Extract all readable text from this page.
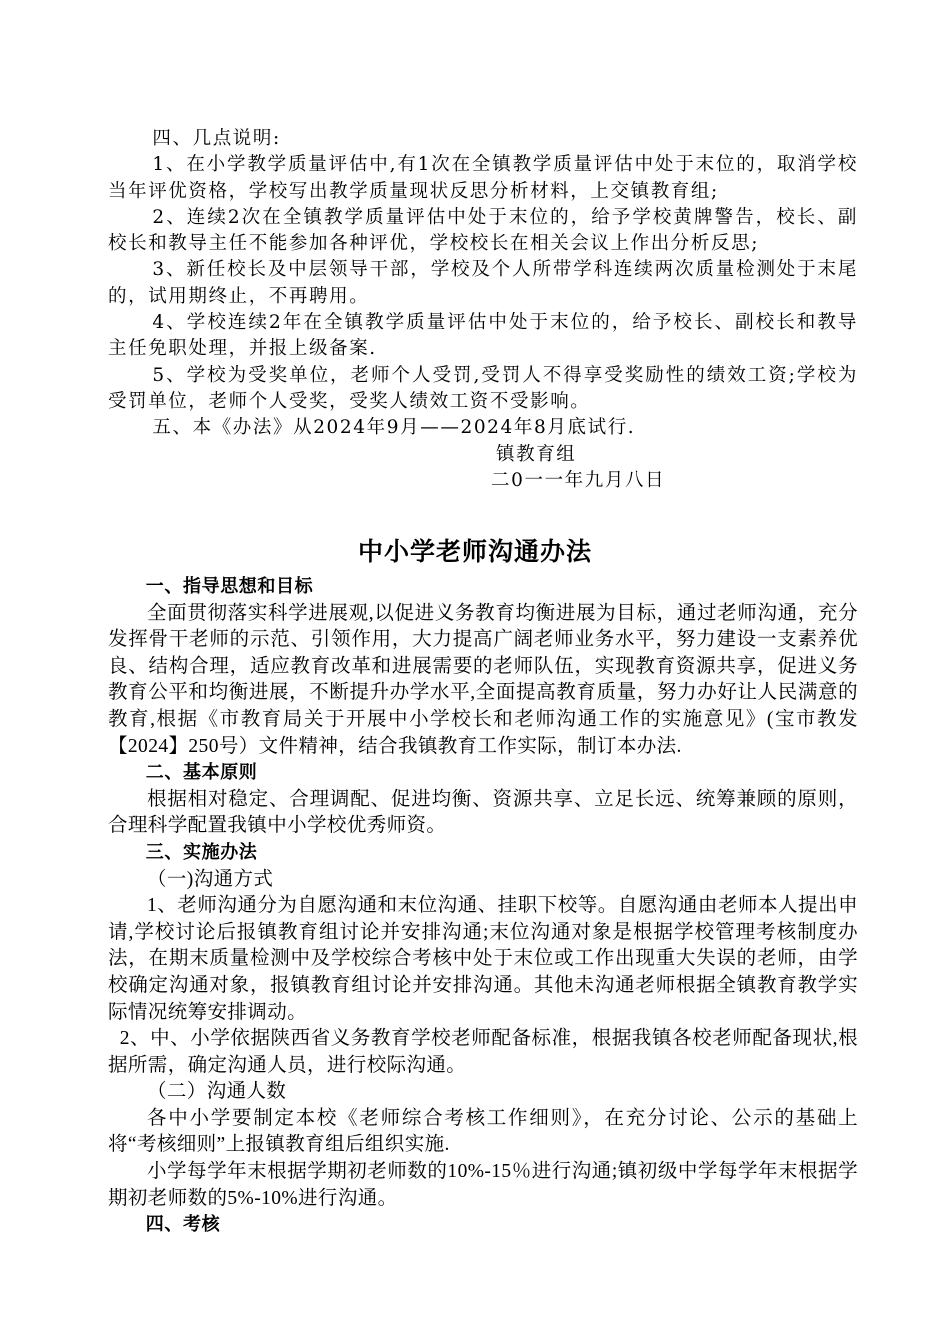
四、几点说明:

1、在小学教学质量评估中,有1次在全镇教学质量评估中处于末位的，取消学校当年评优资格，学校写出教学质量现状反思分析材料，上交镇教育组;

2、连续2次在全镇教学质量评估中处于末位的，给予学校黄牌警告，校长、副校长和教导主任不能参加各种评优，学校校长在相关会议上作出分析反思;

3、新任校长及中层领导干部，学校及个人所带学科连续两次质量检测处于末尾的，试用期终止，不再聘用。

4、学校连续2年在全镇教学质量评估中处于末位的，给予校长、副校长和教导主任免职处理，并报上级备案.

5、学校为受奖单位，老师个人受罚,受罚人不得享受奖励性的绩效工资;学校为受罚单位，老师个人受奖，受奖人绩效工资不受影响。

五、本《办法》从2024年9月——2024年8月底试行.

镇教育组

二0一一年九月八日

中小学老师沟通办法

一、指导思想和目标

全面贯彻落实科学进展观,以促进义务教育均衡进展为目标，通过老师沟通，充分发挥骨干老师的示范、引领作用，大力提高广阔老师业务水平，努力建设一支素养优良、结构合理，适应教育改革和进展需要的老师队伍，实现教育资源共享，促进义务教育公平和均衡进展，不断提升办学水平,全面提高教育质量，努力办好让人民满意的教育,根据《市教育局关于开展中小学校长和老师沟通工作的实施意见》(宝市教发【2024】250号）文件精神，结合我镇教育工作实际，制订本办法.

二、基本原则

根据相对稳定、合理调配、促进均衡、资源共享、立足长远、统筹兼顾的原则，合理科学配置我镇中小学校优秀师资。

三、实施办法

（一)沟通方式

1、老师沟通分为自愿沟通和末位沟通、挂职下校等。自愿沟通由老师本人提出申请,学校讨论后报镇教育组讨论并安排沟通;末位沟通对象是根据学校管理考核制度办法，在期末质量检测中及学校综合考核中处于末位或工作出现重大失误的老师，由学校确定沟通对象，报镇教育组讨论并安排沟通。其他未沟通老师根据全镇教育教学实际情况统筹安排调动。

2、中、小学依据陕西省义务教育学校老师配备标准，根据我镇各校老师配备现状,根据所需，确定沟通人员，进行校际沟通。

（二）沟通人数

各中小学要制定本校《老师综合考核工作细则》，在充分讨论、公示的基础上将“考核细则”上报镇教育组后组织实施.

小学每学年末根据学期初老师数的10%-15％进行沟通;镇初级中学每学年末根据学期初老师数的5%-10%进行沟通。

四、考核
